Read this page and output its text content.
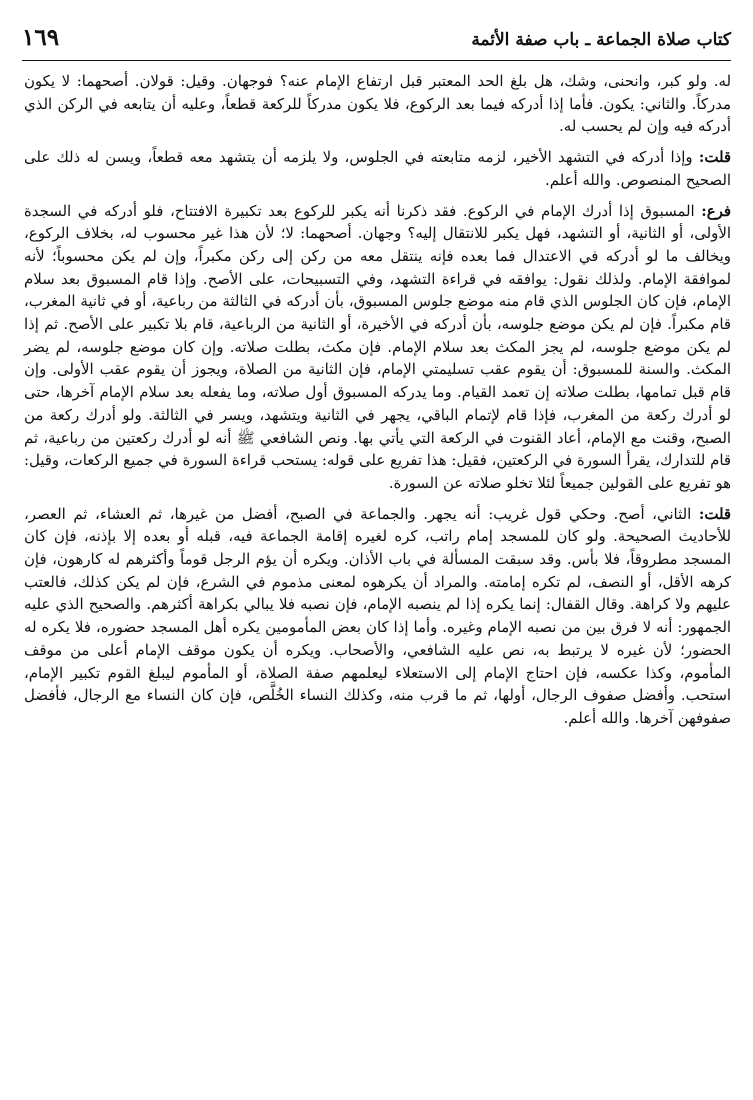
كتاب صلاة الجماعة ـ باب صفة الأئمة
١٦٩

له. ولو كبر، وانحنى، وشك، هل بلغ الحد المعتبر قبل ارتفاع الإمام عنه؟ فوجهان. وقيل: قولان. أصحهما: لا يكون مدركاً. والثاني: يكون. فأما إذا أدركه فيما بعد الركوع، فلا يكون مدركاً للركعة قطعاً، وعليه أن يتابعه في الركن الذي أدركه فيه وإن لم يحسب له.

قلت: وإذا أدركه في التشهد الأخير، لزمه متابعته في الجلوس، ولا يلزمه أن يتشهد معه قطعاً، ويسن له ذلك على الصحيح المنصوص. والله أعلم.

فرع: المسبوق إذا أدرك الإمام في الركوع. فقد ذكرنا أنه يكبر للركوع بعد تكبيرة الافتتاح، فلو أدركه في السجدة الأولى، أو الثانية، أو التشهد، فهل يكبر للانتقال إليه؟ وجهان. أصحهما: لا؛ لأن هذا غير محسوب له، بخلاف الركوع، ويخالف ما لو أدركه في الاعتدال فما بعده فإنه ينتقل معه من ركن إلى ركن مكبراً، وإن لم يكن محسوباً؛ لأنه لموافقة الإمام. ولذلك نقول: يوافقه في قراءة التشهد، وفي التسبيحات، على الأصح. وإذا قام المسبوق بعد سلام الإمام، فإن كان الجلوس الذي قام منه موضع جلوس المسبوق، بأن أدركه في الثالثة من رباعية، أو في ثانية المغرب، قام مكبراً. فإن لم يكن موضع جلوسه، بأن أدركه في الأخيرة، أو الثانية من الرباعية، قام بلا تكبير على الأصح. ثم إذا لم يكن موضع جلوسه، لم يجز المكث بعد سلام الإمام. فإن مكث، بطلت صلاته. وإن كان موضع جلوسه، لم يضر المكث. والسنة للمسبوق: أن يقوم عقب تسليمتي الإمام، فإن الثانية من الصلاة، ويجوز أن يقوم عقب الأولى. وإن قام قبل تمامها، بطلت صلاته إن تعمد القيام. وما يدركه المسبوق أول صلاته، وما يفعله بعد سلام الإمام آخرها، حتى لو أدرك ركعة من المغرب، فإذا قام لإتمام الباقي، يجهر في الثانية ويتشهد، ويسر في الثالثة. ولو أدرك ركعة من الصبح، وقنت مع الإمام، أعاد القنوت في الركعة التي يأتي بها. ونص الشافعي ﷺ أنه لو أدرك ركعتين من رباعية، ثم قام للتدارك، يقرأ السورة في الركعتين، فقيل: هذا تفريع على قوله: يستحب قراءة السورة في جميع الركعات، وقيل: هو تفريع على القولين جميعاً لئلا تخلو صلاته عن السورة.

قلت: الثاني، أصح. وحكي قول غريب: أنه يجهر. والجماعة في الصبح، أفضل من غيرها، ثم العشاء، ثم العصر، للأحاديث الصحيحة. ولو كان للمسجد إمام راتب، كره لغيره إقامة الجماعة فيه، قبله أو بعده إلا بإذنه، فإن كان المسجد مطروقاً، فلا بأس. وقد سبقت المسألة في باب الأذان. ويكره أن يؤم الرجل قوماً وأكثرهم له كارهون، فإن كرهه الأقل، أو النصف، لم تكره إمامته. والمراد أن يكرهوه لمعنى مذموم في الشرع، فإن لم يكن كذلك، فالعتب عليهم ولا كراهة. وقال القفال: إنما يكره إذا لم ينصبه الإمام، فإن نصبه فلا يبالي بكراهة أكثرهم. والصحيح الذي عليه الجمهور: أنه لا فرق بين من نصبه الإمام وغيره. وأما إذا كان بعض المأمومين يكره أهل المسجد حضوره، فلا يكره له الحضور؛ لأن غيره لا يرتبط به، نص عليه الشافعي، والأصحاب. ويكره أن يكون موقف الإمام أعلى من موقف المأموم، وكذا عكسه، فإن احتاج الإمام إلى الاستعلاء ليعلمهم صفة الصلاة، أو المأموم ليبلغ القوم تكبير الإمام، استحب. وأفضل صفوف الرجال، أولها، ثم ما قرب منه، وكذلك النساء الخُلَّص، فإن كان النساء مع الرجال، فأفضل صفوفهن آخرها. والله أعلم.
